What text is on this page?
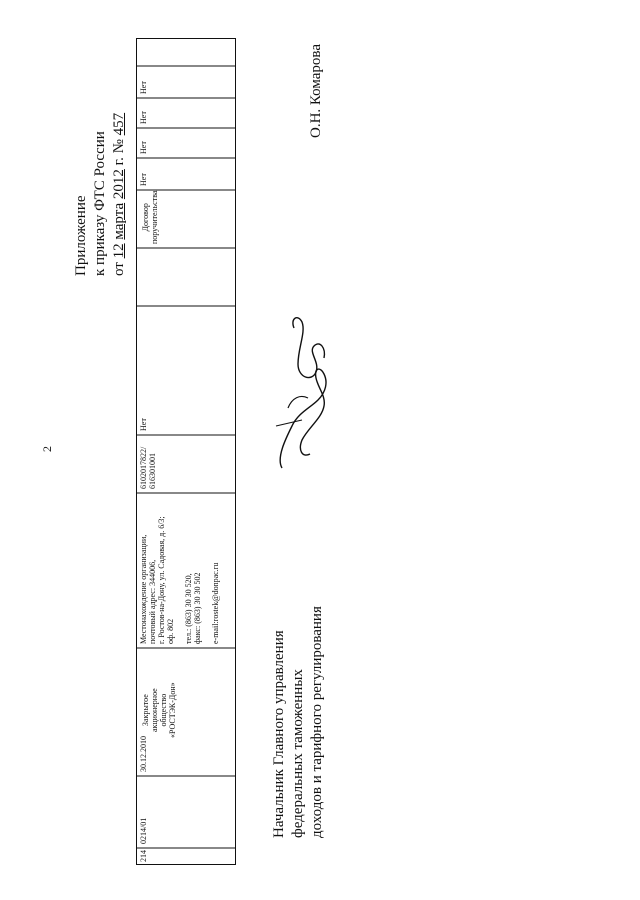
2
Приложение к приказу ФТС России от 12 марта 2012 г. № 457
214
0214/01
30.12.2010
Закрытое акционерное общество «РОСТЭК-Дон»
Местонахождение организации, почтовый адрес: 344006, г. Ростов-на-Дону, ул. Садовая, д. 6/3; оф. 802 тел.: (863) 30 30 520, факс: (863) 30 30 502 e-mail:rostek@donpac.ru
6102017822/ 616301001
Нет
Договор поручительства
Нет
Нет
Нет
Нет
Начальник Главного управления федеральных таможенных доходов и тарифного регулирования
О.Н. Комарова
